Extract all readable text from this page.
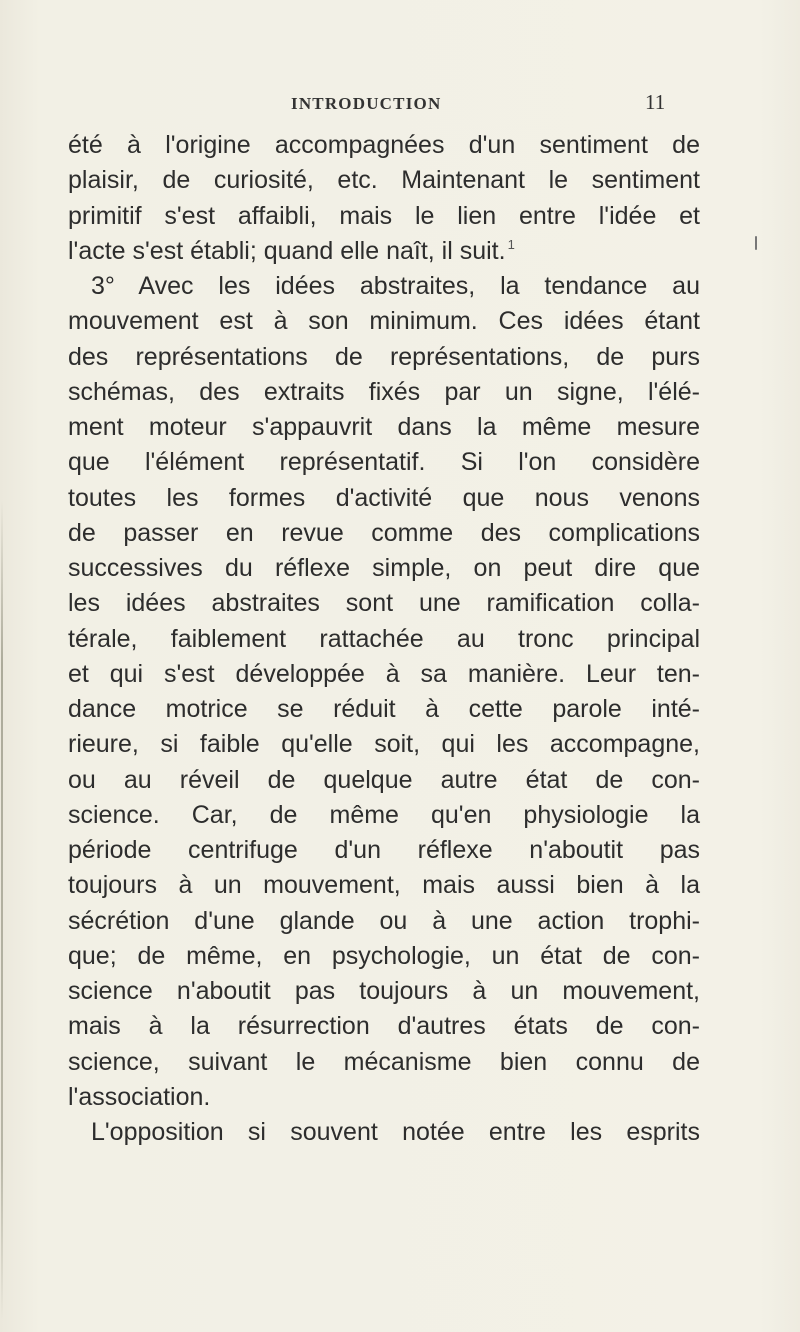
INTRODUCTION	11
été à l'origine accompagnées d'un sentiment de
plaisir, de curiosité, etc. Maintenant le sentiment
primitif s'est affaibli, mais le lien entre l'idée et
l'acte s'est établi; quand elle naît, il suit. $^1$
3° Avec les idées abstraites, la tendance au
mouvement est à son minimum. Ces idées étant
des représentations de représentations, de purs
schémas, des extraits fixés par un signe, l'élé-
ment moteur s'appauvrit dans la même mesure
que l'élément représentatif. Si l'on considère
toutes les formes d'activité que nous venons
de passer en revue comme des complications
successives du réflexe simple, on peut dire que
les idées abstraites sont une ramification colla-
térale, faiblement rattachée au tronc principal
et qui s'est développée à sa manière. Leur ten-
dance motrice se réduit à cette parole inté-
rieure, si faible qu'elle soit, qui les accompagne,
ou au réveil de quelque autre état de con-
science. Car, de même qu'en physiologie la
période centrifuge d'un réflexe n'aboutit pas
toujours à un mouvement, mais aussi bien à la
sécrétion d'une glande ou à une action trophi-
que; de même, en psychologie, un état de con-
science n'aboutit pas toujours à un mouvement,
mais à la résurrection d'autres états de con-
science, suivant le mécanisme bien connu de
l'association.
L'opposition si souvent notée entre les esprits
